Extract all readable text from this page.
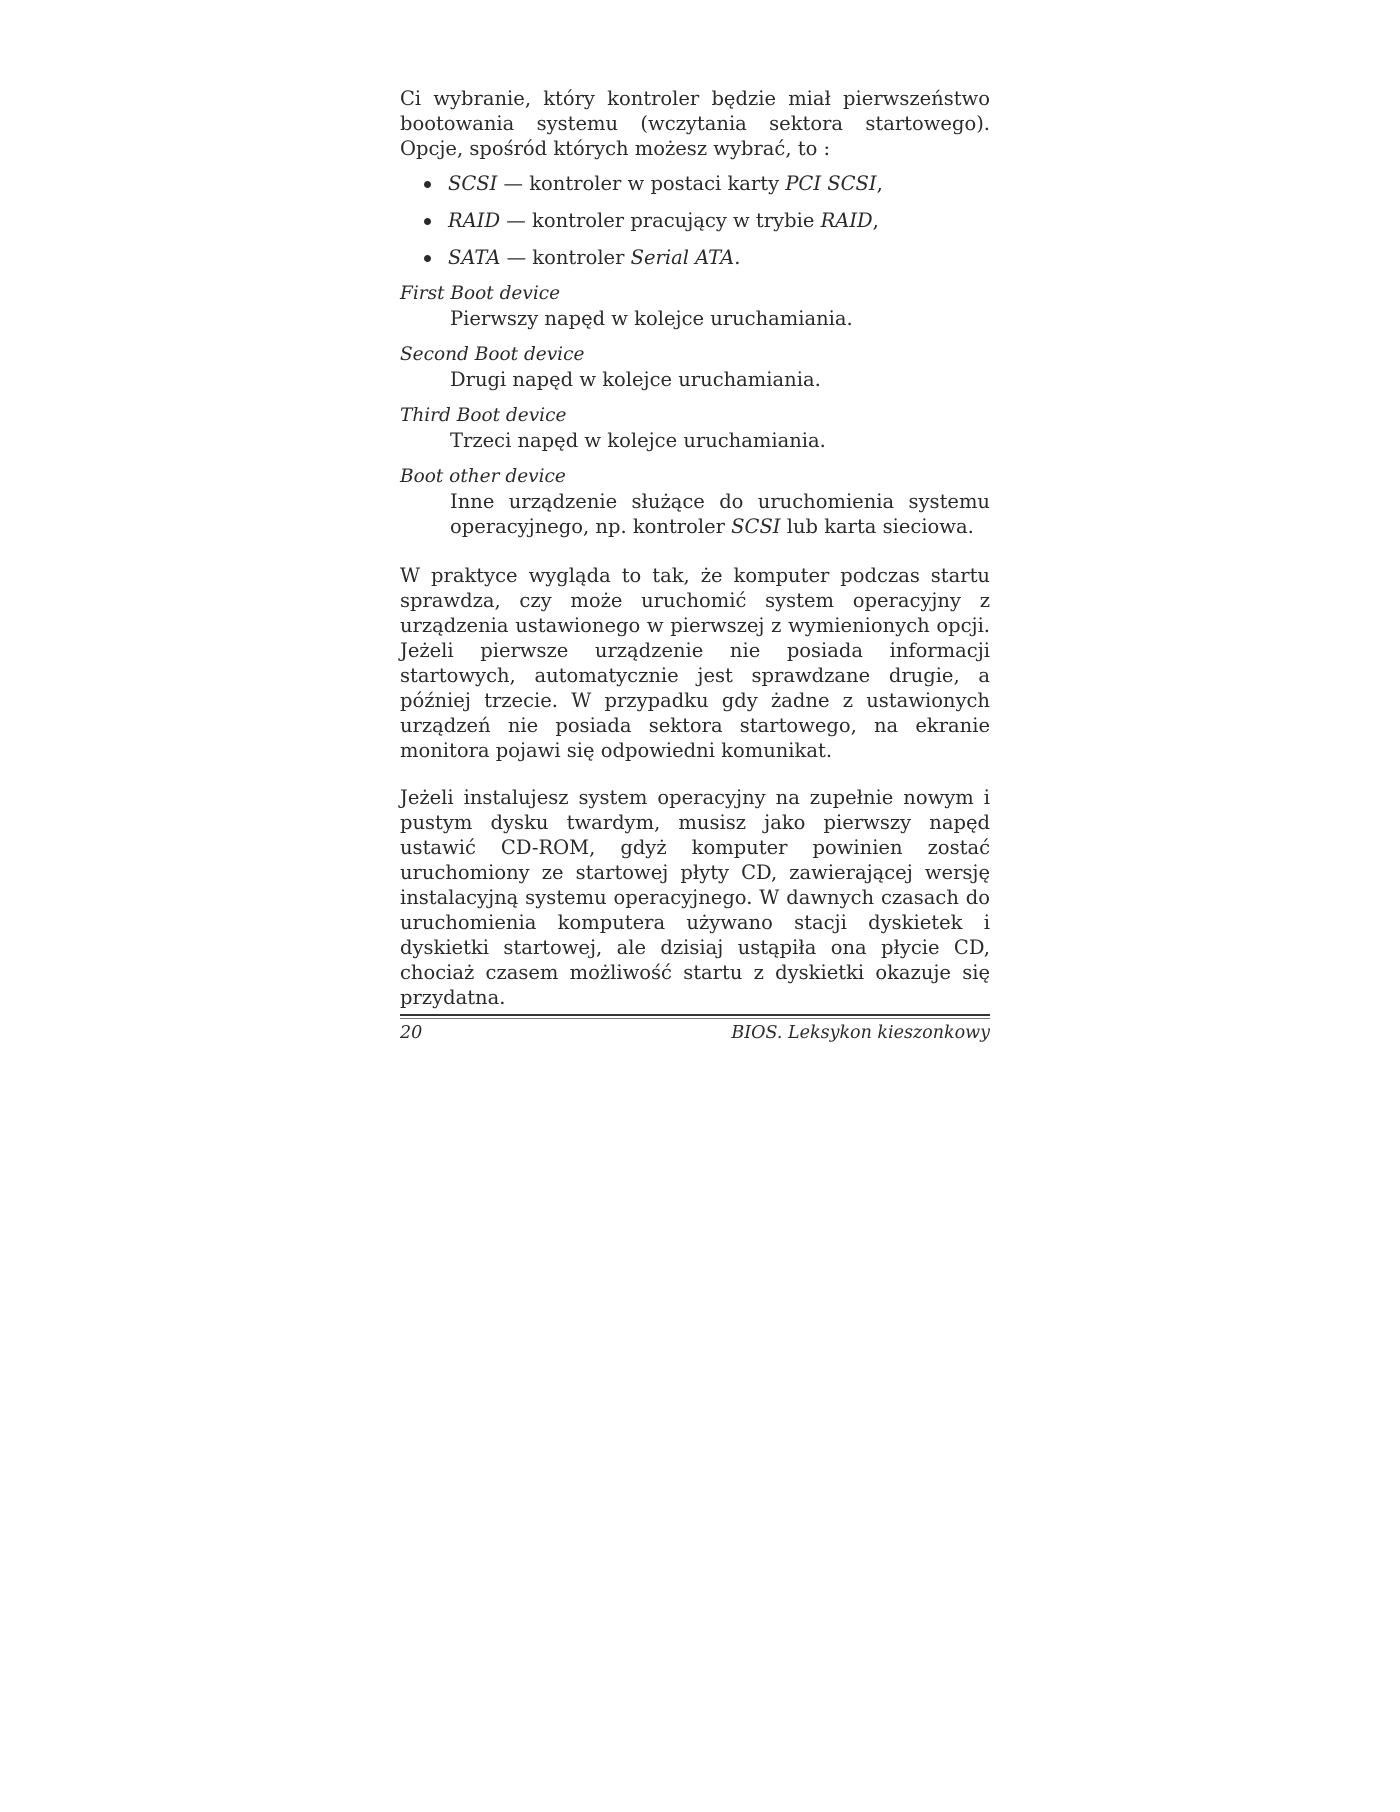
Ci wybranie, który kontroler będzie miał pierwszeństwo bootowania systemu (wczytania sektora startowego). Opcje, spośród których możesz wybrać, to :

SCSI — kontroler w postaci karty PCI SCSI,
RAID — kontroler pracujący w trybie RAID,
SATA — kontroler Serial ATA.

First Boot device

Pierwszy napęd w kolejce uruchamiania.

Second Boot device

Drugi napęd w kolejce uruchamiania.

Third Boot device

Trzeci napęd w kolejce uruchamiania.

Boot other device

Inne urządzenie służące do uruchomienia systemu operacyjnego, np. kontroler SCSI lub karta sieciowa.

W praktyce wygląda to tak, że komputer podczas startu sprawdza, czy może uruchomić system operacyjny z urządzenia ustawionego w pierwszej z wymienionych opcji. Jeżeli pierwsze urządzenie nie posiada informacji startowych, automatycznie jest sprawdzane drugie, a później trzecie. W przypadku gdy żadne z ustawionych urządzeń nie posiada sektora startowego, na ekranie monitora pojawi się odpowiedni komunikat.

Jeżeli instalujesz system operacyjny na zupełnie nowym i pustym dysku twardym, musisz jako pierwszy napęd ustawić CD-ROM, gdyż komputer powinien zostać uruchomiony ze startowej płyty CD, zawierającej wersję instalacyjną systemu operacyjnego. W dawnych czasach do uruchomienia komputera używano stacji dyskietek i dyskietki startowej, ale dzisiaj ustąpiła ona płycie CD, chociaż czasem możliwość startu z dyskietki okazuje się przydatna.

20	BIOS. Leksykon kieszonkowy
